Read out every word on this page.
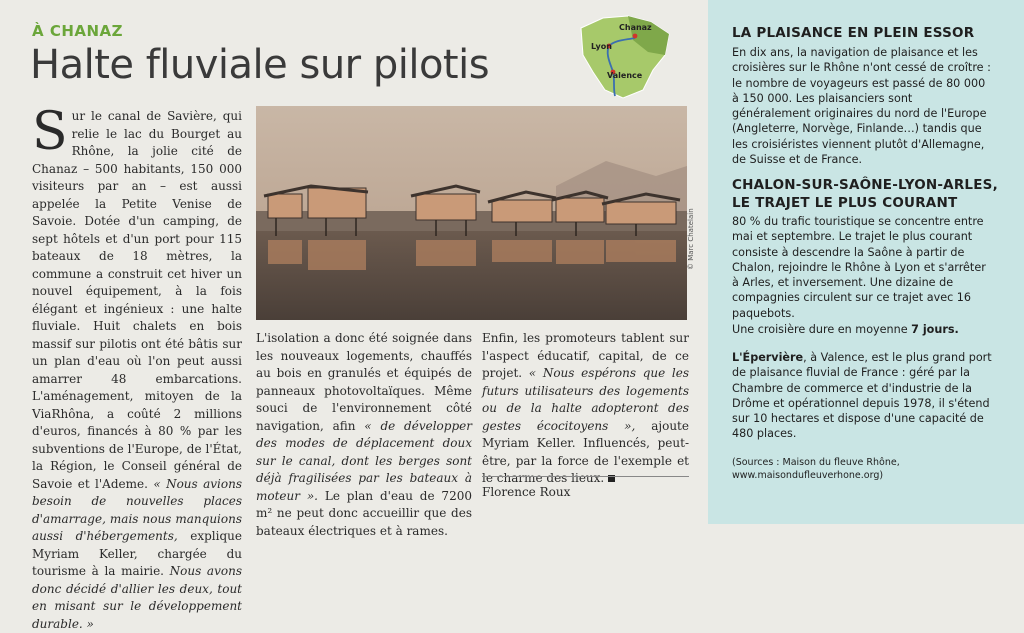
À CHANAZ
Halte fluviale sur pilotis
Chanaz
Lyon
Valence
S ur le canal de Savière, qui relie le lac du Bourget au Rhône, la jolie cité de Chanaz – 500 habitants, 150 000 visiteurs par an – est aussi appelée la Petite Venise de Savoie. Dotée d'un camping, de sept hôtels et d'un port pour 115 bateaux de 18 mètres, la commune a construit cet hiver un nouvel équipement, à la fois élégant et ingénieux : une halte fluviale. Huit chalets en bois massif sur pilotis ont été bâtis sur un plan d'eau où l'on peut aussi amarrer 48 embarcations. L'aménagement, mitoyen de la ViaRhôna, a coûté 2 millions d'euros, financés à 80 % par les subventions de l'Europe, de l'État, la Région, le Conseil général de Savoie et l'Ademe. « Nous avions besoin de nouvelles places d'amarrage, mais nous manquions aussi d'hébergements, explique Myriam Keller, chargée du tourisme à la mairie. Nous avons donc décidé d'allier les deux, tout en misant sur le développement durable. »

© Marc Chatelain

L'isolation a donc été soignée dans les nouveaux logements, chauffés au bois en granulés et équipés de panneaux photovoltaïques. Même souci de l'environnement côté navigation, afin « de développer des modes de déplacement doux sur le canal, dont les berges sont déjà fragilisées par les bateaux à moteur ». Le plan d'eau de 7200 m² ne peut donc accueillir que des bateaux électriques et à rames.

Enfin, les promoteurs tablent sur l'aspect éducatif, capital, de ce projet. « Nous espérons que les futurs utilisateurs des logements ou de la halte adopteront des gestes écocitoyens », ajoute Myriam Keller. Influencés, peut-être, par la force de l'exemple et le charme des lieux.

Florence Roux
LA PLAISANCE EN PLEIN ESSOR

En dix ans, la navigation de plaisance et les croisières sur le Rhône n'ont cessé de croître : le nombre de voyageurs est passé de 80 000 à 150 000. Les plaisanciers sont généralement originaires du nord de l'Europe (Angleterre, Norvège, Finlande…) tandis que les croisiéristes viennent plutôt d'Allemagne, de Suisse et de France.

CHALON-SUR-SAÔNE-LYON-ARLES,
LE TRAJET LE PLUS COURANT

80 % du trafic touristique se concentre entre mai et septembre. Le trajet le plus courant consiste à descendre la Saône à partir de Chalon, rejoindre le Rhône à Lyon et s'arrêter à Arles, et inversement. Une dizaine de compagnies circulent sur ce trajet avec 16 paquebots.

Une croisière dure en moyenne 7 jours.

L'Épervière, à Valence, est le plus grand port de plaisance fluvial de France : géré par la Chambre de commerce et d'industrie de la Drôme et opérationnel depuis 1978, il s'étend sur 10 hectares et dispose d'une capacité de 480 places.

(Sources : Maison du fleuve Rhône,
www.maisondufleuverhone.org)
